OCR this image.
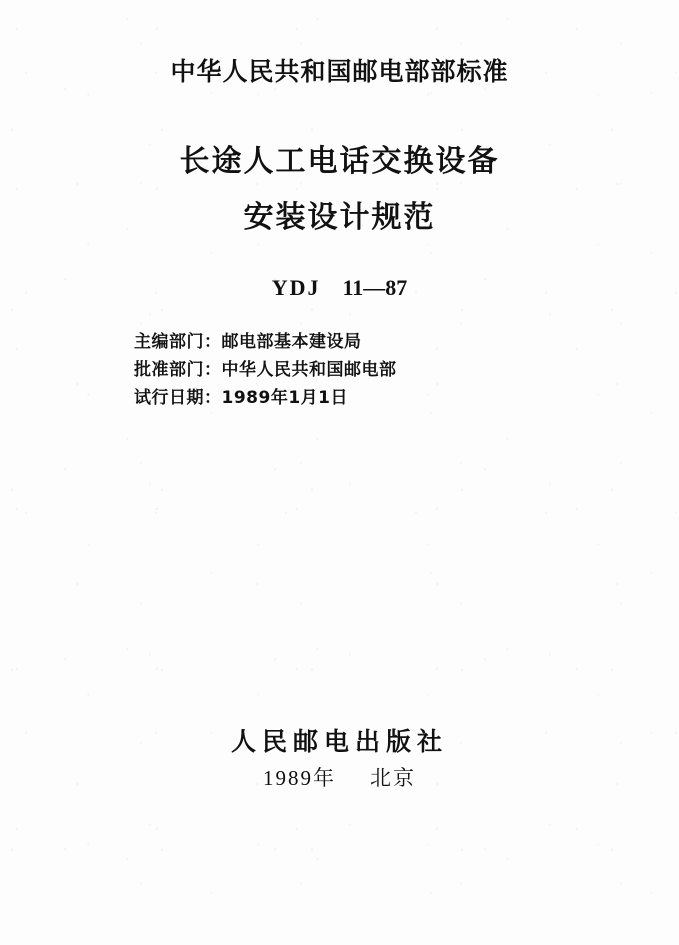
中华人民共和国邮电部部标准
长途人工电话交换设备
安装设计规范
YDJ 11—87
主编部门：邮电部基本建设局
批准部门：中华人民共和国邮电部
试行日期：1989年1月1日
人民邮电出版社
1989年 北京
